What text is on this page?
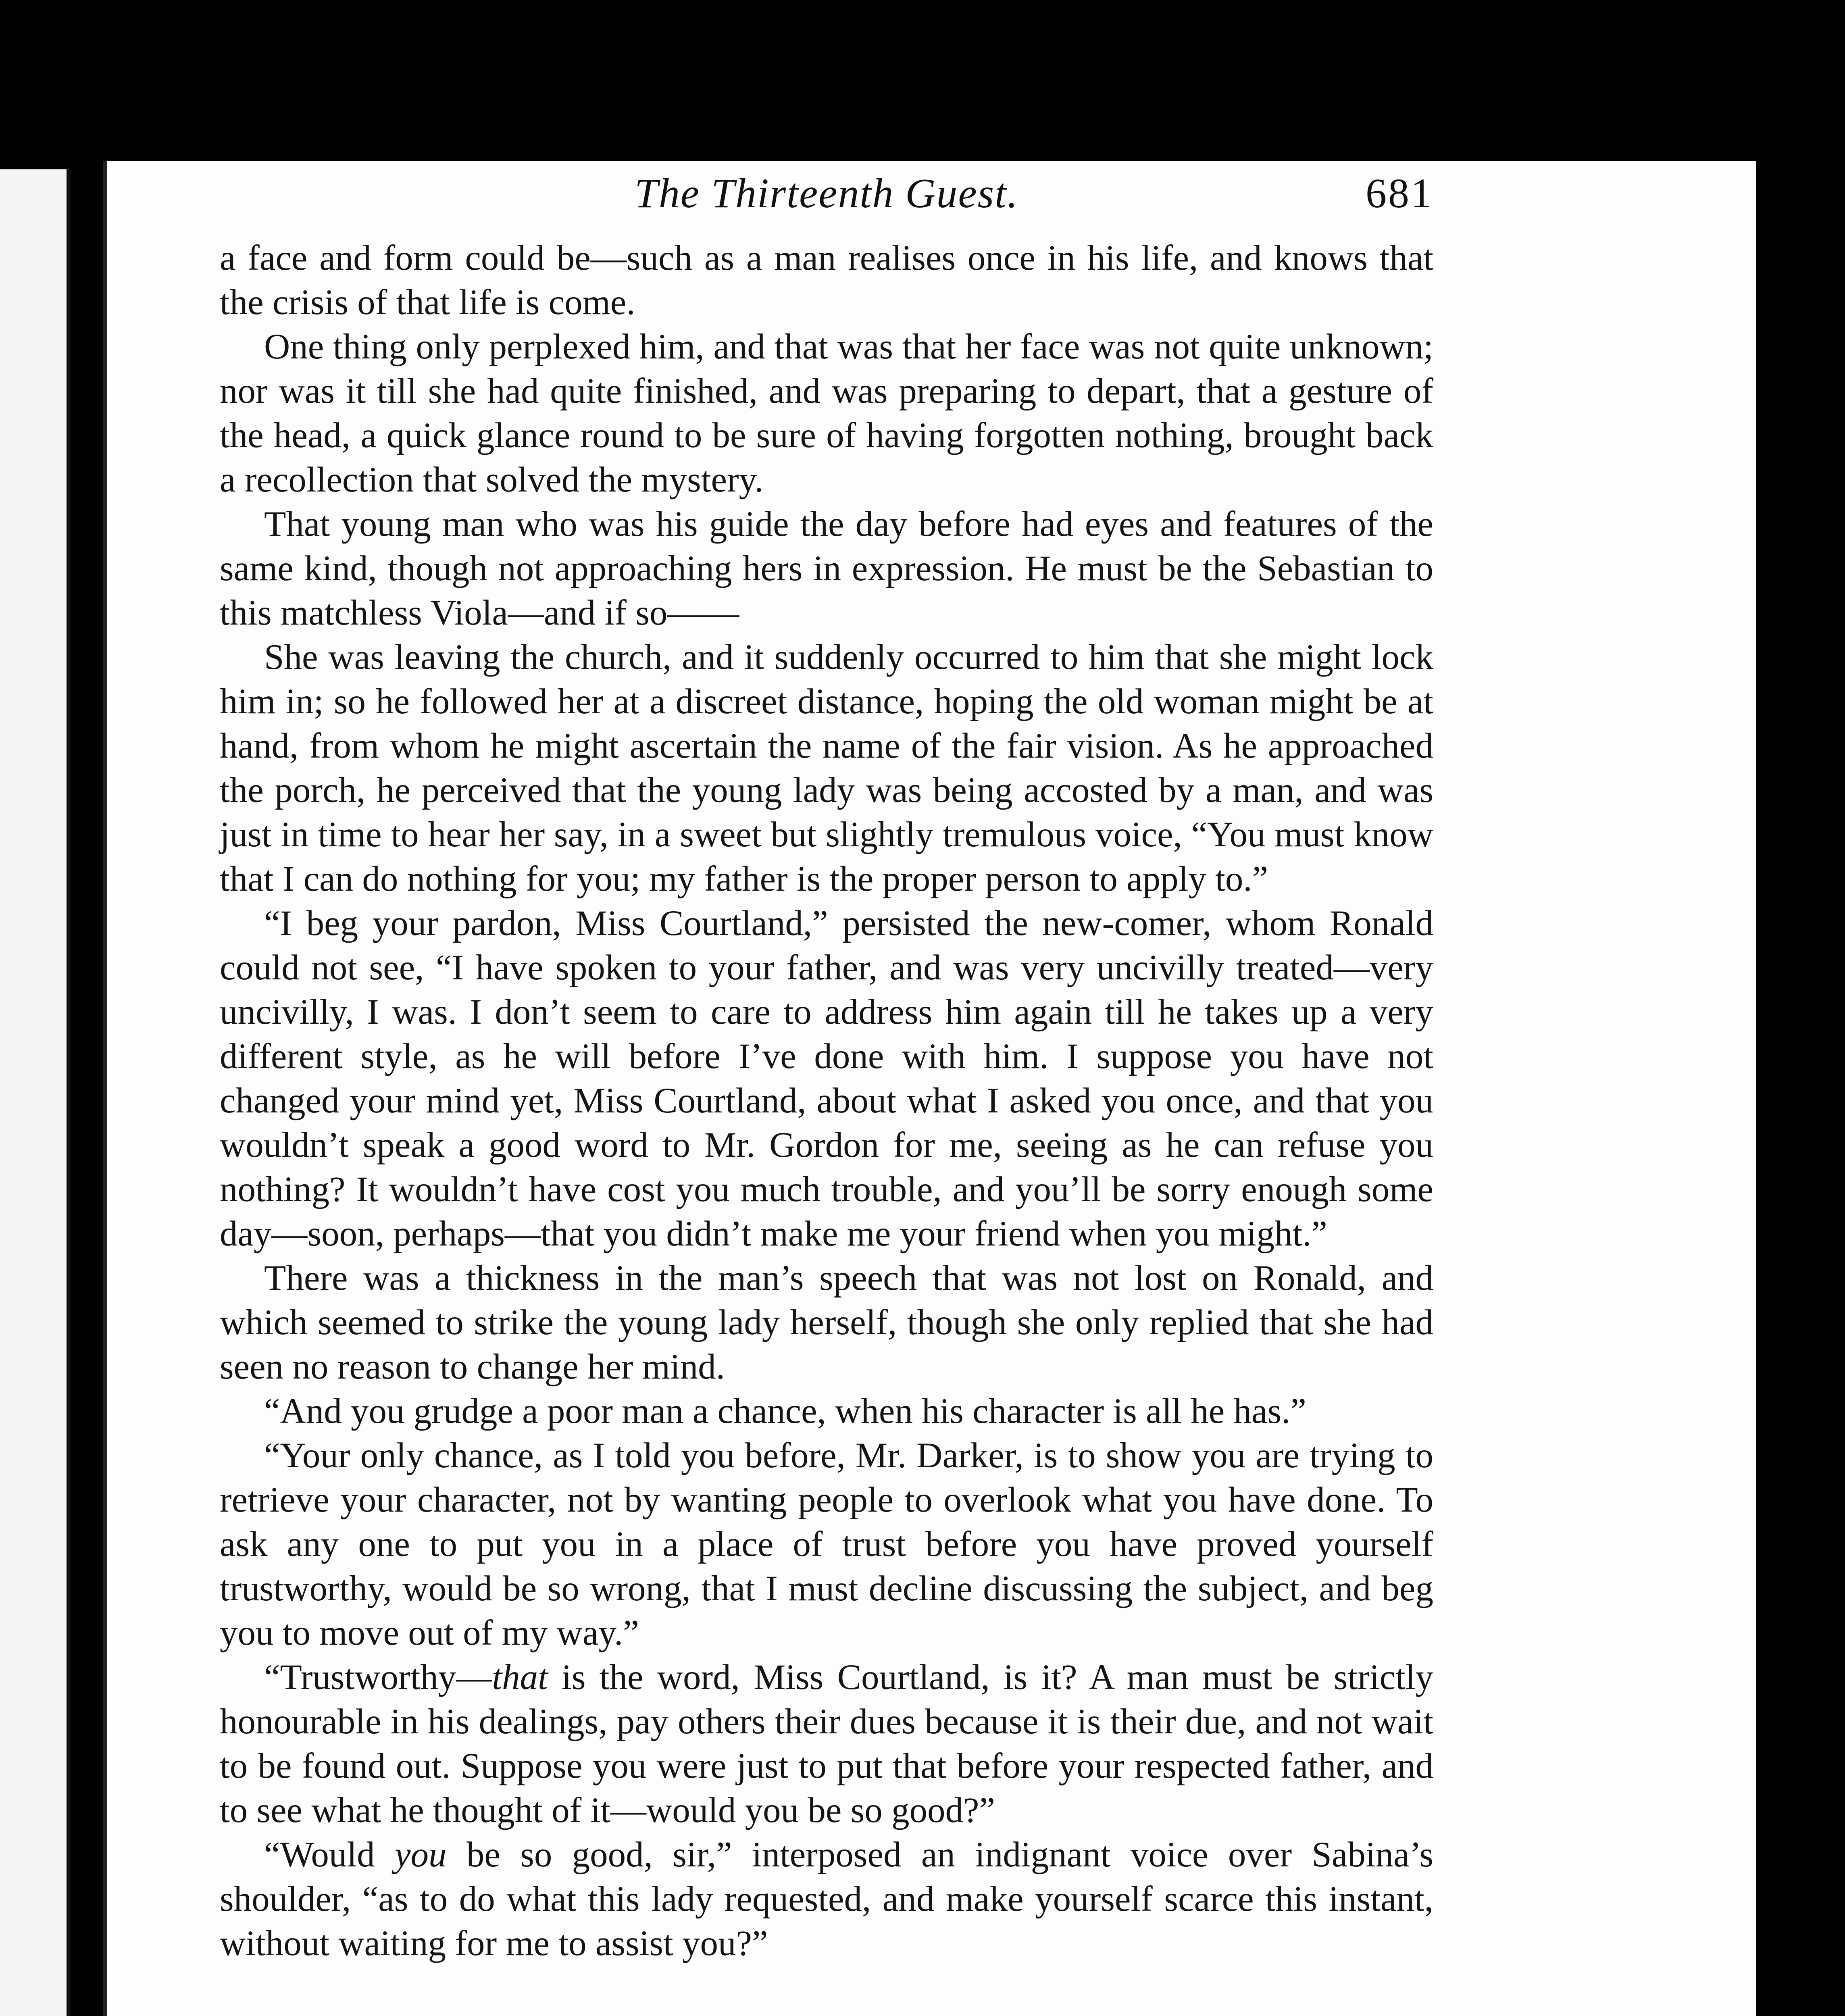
The Thirteenth Guest.	681

a face and form could be—such as a man realises once in his life, and knows that the crisis of that life is come.

One thing only perplexed him, and that was that her face was not quite unknown; nor was it till she had quite finished, and was preparing to depart, that a gesture of the head, a quick glance round to be sure of having forgotten nothing, brought back a recollection that solved the mystery.

That young man who was his guide the day before had eyes and features of the same kind, though not approaching hers in expression. He must be the Sebastian to this matchless Viola—and if so——

She was leaving the church, and it suddenly occurred to him that she might lock him in; so he followed her at a discreet distance, hoping the old woman might be at hand, from whom he might ascertain the name of the fair vision. As he approached the porch, he perceived that the young lady was being accosted by a man, and was just in time to hear her say, in a sweet but slightly tremulous voice, “You must know that I can do nothing for you; my father is the proper person to apply to.”

“I beg your pardon, Miss Courtland,” persisted the new-comer, whom Ronald could not see, “I have spoken to your father, and was very uncivilly treated—very uncivilly, I was. I don’t seem to care to address him again till he takes up a very different style, as he will before I’ve done with him. I suppose you have not changed your mind yet, Miss Courtland, about what I asked you once, and that you wouldn’t speak a good word to Mr. Gordon for me, seeing as he can refuse you nothing? It wouldn’t have cost you much trouble, and you’ll be sorry enough some day—soon, perhaps—that you didn’t make me your friend when you might.”

There was a thickness in the man’s speech that was not lost on Ronald, and which seemed to strike the young lady herself, though she only replied that she had seen no reason to change her mind.

“And you grudge a poor man a chance, when his character is all he has.”

“Your only chance, as I told you before, Mr. Darker, is to show you are trying to retrieve your character, not by wanting people to overlook what you have done. To ask any one to put you in a place of trust before you have proved yourself trustworthy, would be so wrong, that I must decline discussing the subject, and beg you to move out of my way.”

“Trustworthy—that is the word, Miss Courtland, is it? A man must be strictly honourable in his dealings, pay others their dues because it is their due, and not wait to be found out. Suppose you were just to put that before your respected father, and to see what he thought of it—would you be so good?”

“Would you be so good, sir,” interposed an indignant voice over Sabina’s shoulder, “as to do what this lady requested, and make yourself scarce this instant, without waiting for me to assist you?”
